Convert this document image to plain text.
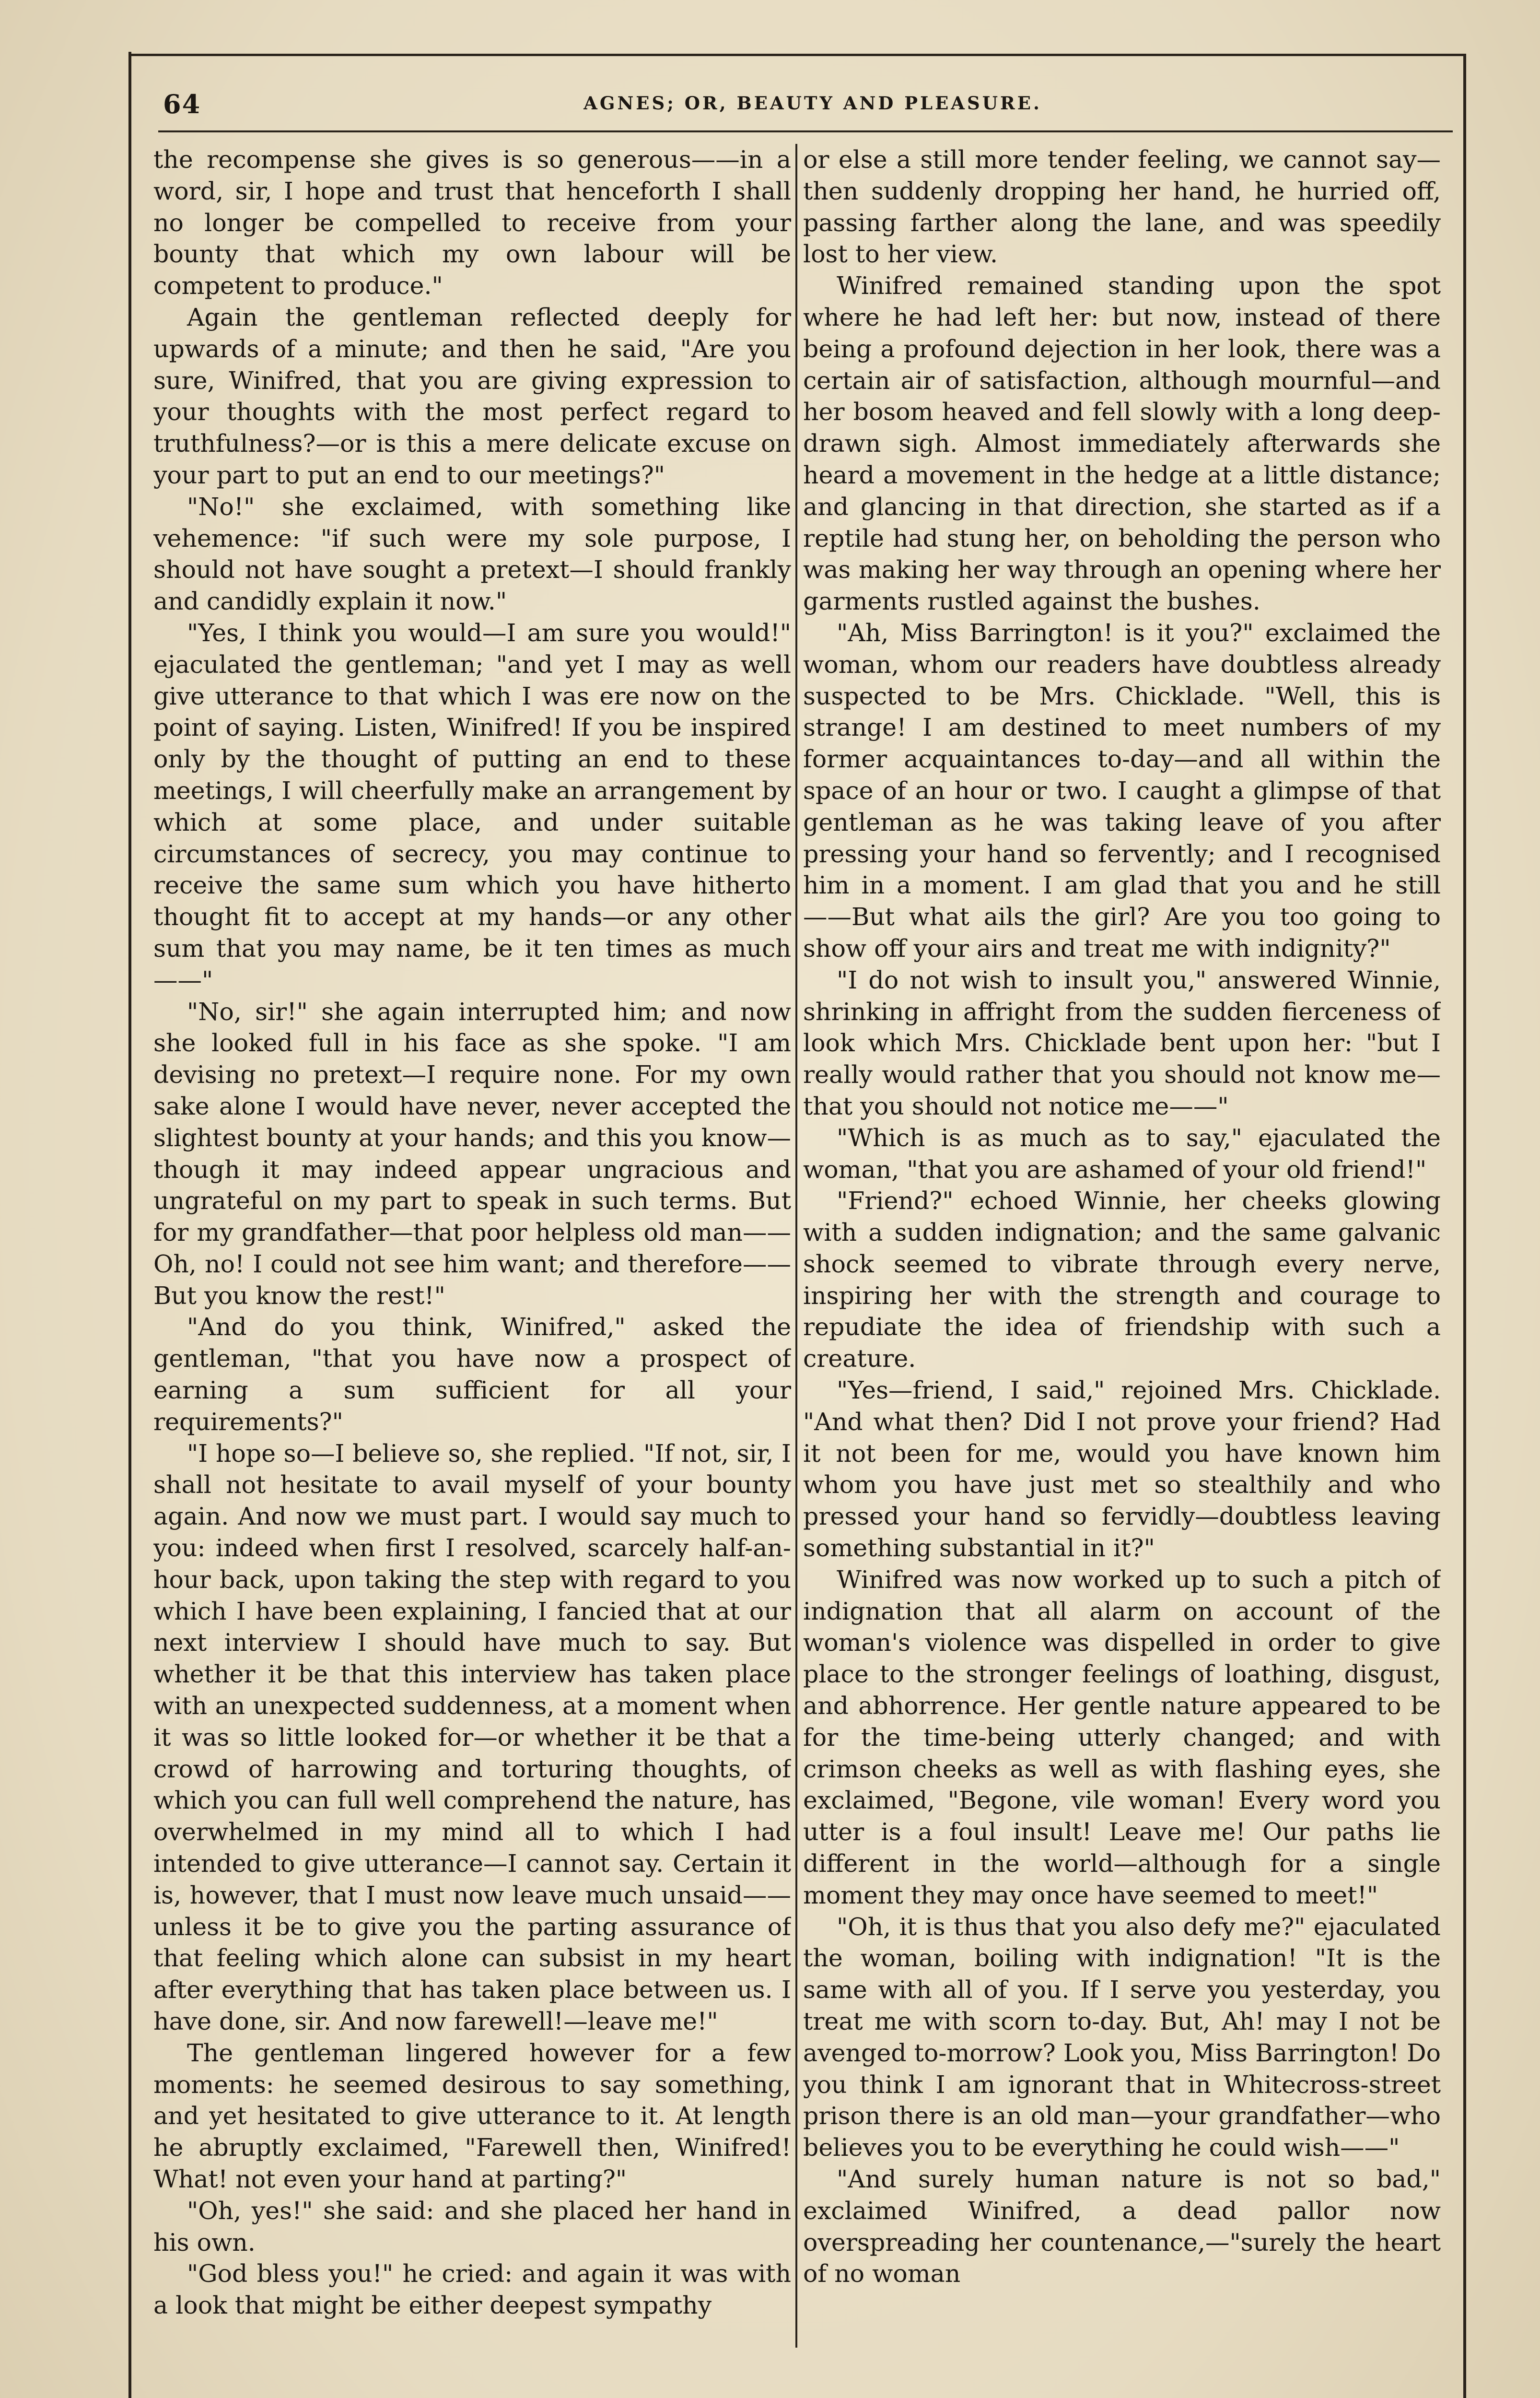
64	AGNES; OR, BEAUTY AND PLEASURE.

the recompense she gives is so generous——in a word, sir, I hope and trust that henceforth I shall no longer be compelled to receive from your bounty that which my own labour will be competent to produce."

Again the gentleman reflected deeply for upwards of a minute; and then he said, "Are you sure, Winifred, that you are giving expression to your thoughts with the most perfect regard to truthfulness?—or is this a mere delicate excuse on your part to put an end to our meetings?"

"No!" she exclaimed, with something like vehemence: "if such were my sole purpose, I should not have sought a pretext—I should frankly and candidly explain it now."

"Yes, I think you would—I am sure you would!" ejaculated the gentleman; "and yet I may as well give utterance to that which I was ere now on the point of saying. Listen, Winifred! If you be inspired only by the thought of putting an end to these meetings, I will cheerfully make an arrangement by which at some place, and under suitable circumstances of secrecy, you may continue to receive the same sum which you have hitherto thought fit to accept at my hands—or any other sum that you may name, be it ten times as much——"

"No, sir!" she again interrupted him; and now she looked full in his face as she spoke. "I am devising no pretext—I require none. For my own sake alone I would have never, never accepted the slightest bounty at your hands; and this you know—though it may indeed appear ungracious and ungrateful on my part to speak in such terms. But for my grandfather—that poor helpless old man——Oh, no! I could not see him want; and therefore——But you know the rest!"

"And do you think, Winifred," asked the gentleman, "that you have now a prospect of earning a sum sufficient for all your requirements?"

"I hope so—I believe so, she replied. "If not, sir, I shall not hesitate to avail myself of your bounty again. And now we must part. I would say much to you: indeed when first I resolved, scarcely half-an-hour back, upon taking the step with regard to you which I have been explaining, I fancied that at our next interview I should have much to say. But whether it be that this interview has taken place with an unexpected suddenness, at a moment when it was so little looked for—or whether it be that a crowd of harrowing and torturing thoughts, of which you can full well comprehend the nature, has overwhelmed in my mind all to which I had intended to give utterance—I cannot say. Certain it is, however, that I must now leave much unsaid——unless it be to give you the parting assurance of that feeling which alone can subsist in my heart after everything that has taken place between us. I have done, sir. And now farewell!—leave me!"

The gentleman lingered however for a few moments: he seemed desirous to say something, and yet hesitated to give utterance to it. At length he abruptly exclaimed, "Farewell then, Winifred! What! not even your hand at parting?"

"Oh, yes!" she said: and she placed her hand in his own.

"God bless you!" he cried: and again it was with a look that might be either deepest sympathy

or else a still more tender feeling, we cannot say—then suddenly dropping her hand, he hurried off, passing farther along the lane, and was speedily lost to her view.

Winifred remained standing upon the spot where he had left her: but now, instead of there being a profound dejection in her look, there was a certain air of satisfaction, although mournful—and her bosom heaved and fell slowly with a long deep-drawn sigh. Almost immediately afterwards she heard a movement in the hedge at a little distance; and glancing in that direction, she started as if a reptile had stung her, on beholding the person who was making her way through an opening where her garments rustled against the bushes.

"Ah, Miss Barrington! is it you?" exclaimed the woman, whom our readers have doubtless already suspected to be Mrs. Chicklade. "Well, this is strange! I am destined to meet numbers of my former acquaintances to-day—and all within the space of an hour or two. I caught a glimpse of that gentleman as he was taking leave of you after pressing your hand so fervently; and I recognised him in a moment. I am glad that you and he still——But what ails the girl? Are you too going to show off your airs and treat me with indignity?"

"I do not wish to insult you," answered Winnie, shrinking in affright from the sudden fierceness of look which Mrs. Chicklade bent upon her: "but I really would rather that you should not know me—that you should not notice me——"

"Which is as much as to say," ejaculated the woman, "that you are ashamed of your old friend!"

"Friend?" echoed Winnie, her cheeks glowing with a sudden indignation; and the same galvanic shock seemed to vibrate through every nerve, inspiring her with the strength and courage to repudiate the idea of friendship with such a creature.

"Yes—friend, I said," rejoined Mrs. Chicklade. "And what then? Did I not prove your friend? Had it not been for me, would you have known him whom you have just met so stealthily and who pressed your hand so fervidly—doubtless leaving something substantial in it?"

Winifred was now worked up to such a pitch of indignation that all alarm on account of the woman's violence was dispelled in order to give place to the stronger feelings of loathing, disgust, and abhorrence. Her gentle nature appeared to be for the time-being utterly changed; and with crimson cheeks as well as with flashing eyes, she exclaimed, "Begone, vile woman! Every word you utter is a foul insult! Leave me! Our paths lie different in the world—although for a single moment they may once have seemed to meet!"

"Oh, it is thus that you also defy me?" ejaculated the woman, boiling with indignation! "It is the same with all of you. If I serve you yesterday, you treat me with scorn to-day. But, Ah! may I not be avenged to-morrow? Look you, Miss Barrington! Do you think I am ignorant that in Whitecross-street prison there is an old man—your grandfather—who believes you to be everything he could wish——"

"And surely human nature is not so bad," exclaimed Winifred, a dead pallor now overspreading her countenance,—"surely the heart of no woman
